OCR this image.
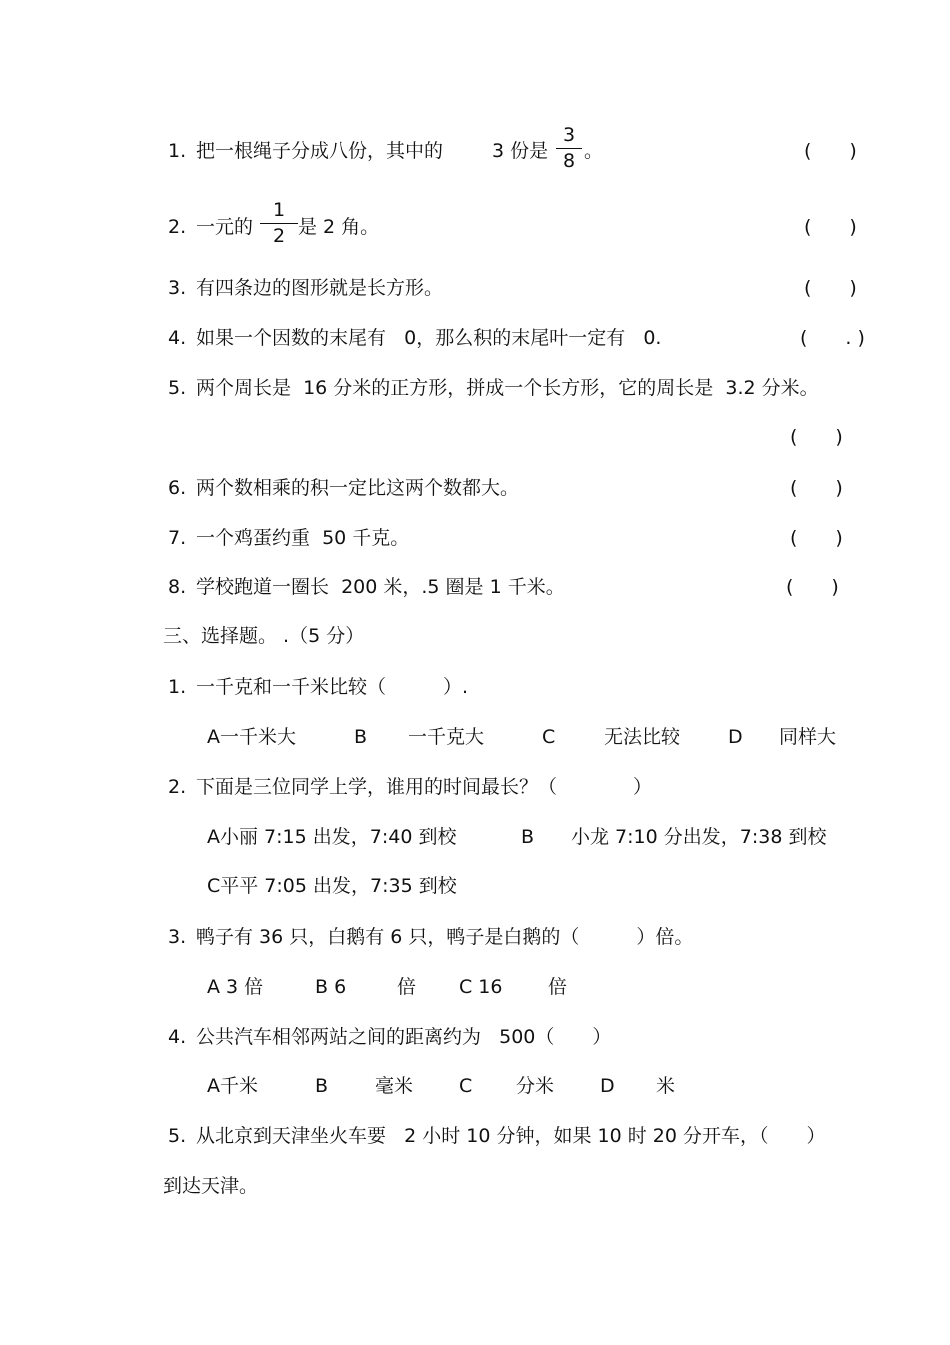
1. 把一根绳子分成八份，其中的	3 份是
3
8 。	(　　)
2. 一元的
1
2 是 2 角。	(　　)
3. 有四条边的图形就是长方形。	(　　)
4. 如果一个因数的末尾有   0，那么积的末尾叶一定有   0.	(　　. )
5. 两个周长是  16 分米的正方形，拼成一个长方形，它的周长是  3.2 分米。
(　　)
6. 两个数相乘的积一定比这两个数都大。	(　　)
7. 一个鸡蛋约重  50 千克。	(　　)
8. 学校跑道一圈长  200 米，.5 圈是 1 千米。	(　　)
三、选择题。 .（5 分）
1. 一千克和一千米比较（　　　）.
A一千米大	B 一千克大	C	无法比较	D 同样大
2. 下面是三位同学上学，谁用的时间最长？（　　　　）
A小丽 7:15 出发，7:40 到校	B 小龙 7:10 分出发，7:38 到校
C平平 7:05 出发，7:35 到校
3. 鸭子有 36 只，白鹅有 6 只，鸭子是白鹅的（　　　）倍。
A 3 倍	B 6	倍 C 16 倍
4. 公共汽车相邻两站之间的距离约为   500（　　）
A千米	B 毫米 C 分米 D 米
5. 从北京到天津坐火车要   2 小时 10 分钟，如果 10 时 20 分开车，（　　）
到达天津。
